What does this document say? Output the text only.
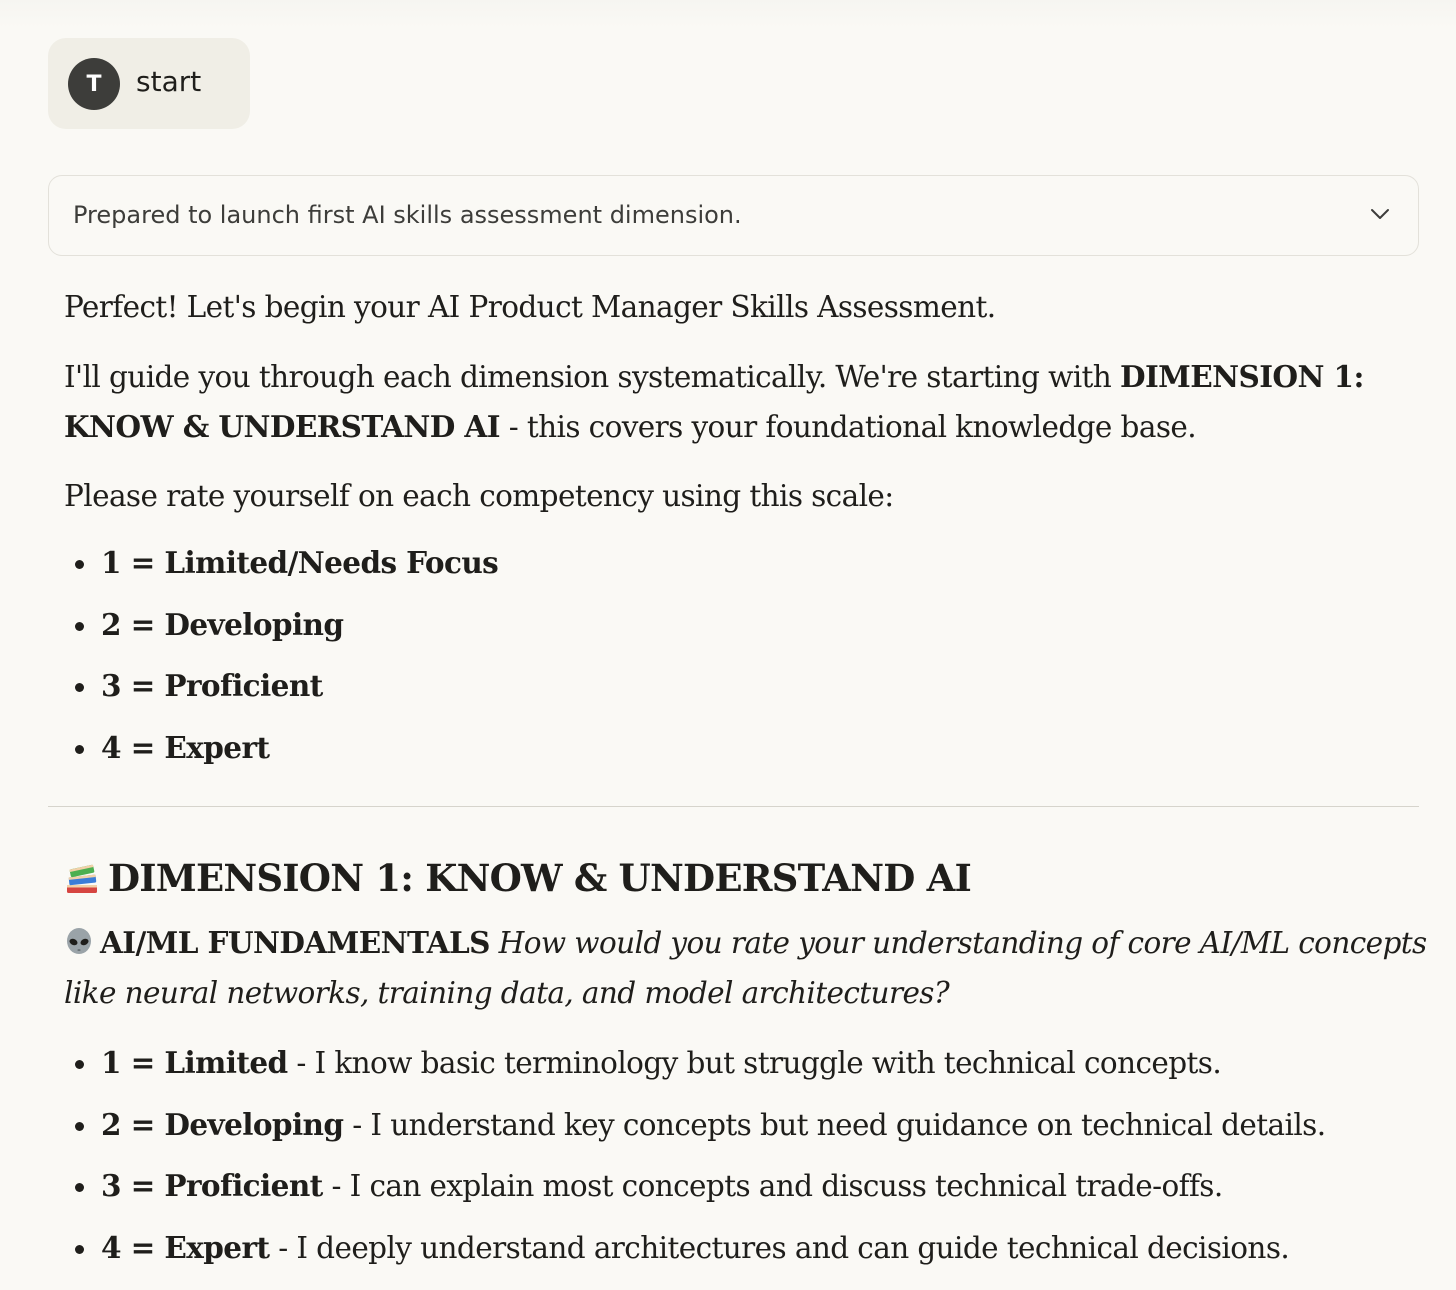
T	start
Prepared to launch first AI skills assessment dimension.

Perfect! Let's begin your AI Product Manager Skills Assessment.

I'll guide you through each dimension systematically. We're starting with DIMENSION 1:

KNOW & UNDERSTAND AI - this covers your foundational knowledge base.

Please rate yourself on each competency using this scale:

1 = Limited/Needs Focus
2 = Developing
3 = Proficient
4 = Expert
DIMENSION 1: KNOW & UNDERSTAND AI
AI/ML FUNDAMENTALS How would you rate your understanding of core AI/ML concepts
like neural networks, training data, and model architectures?
1 = Limited - I know basic terminology but struggle with technical concepts.
2 = Developing - I understand key concepts but need guidance on technical details.
3 = Proficient - I can explain most concepts and discuss technical trade-offs.
4 = Expert - I deeply understand architectures and can guide technical decisions.
